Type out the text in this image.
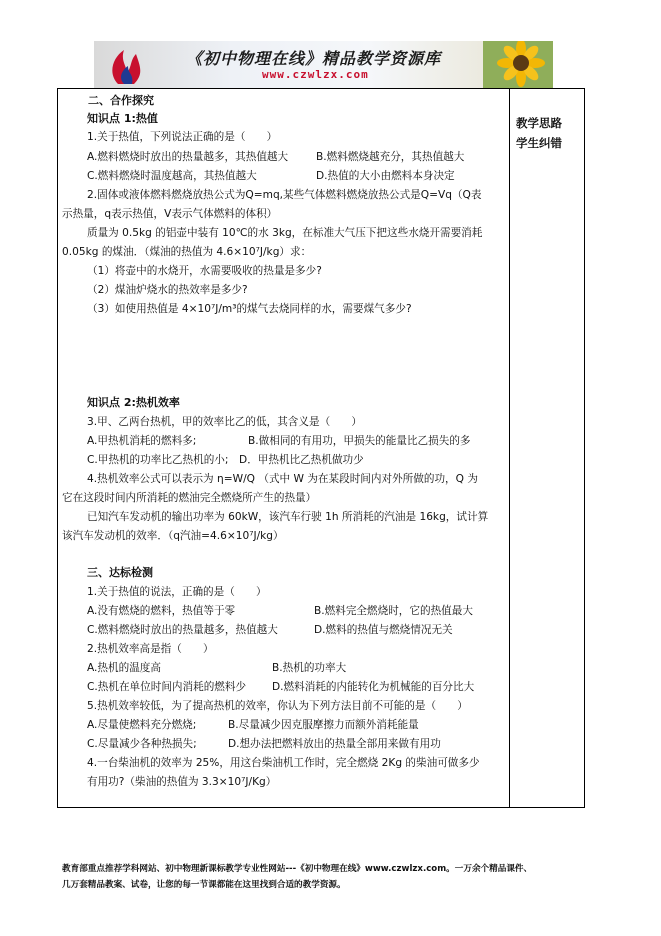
《初中物理在线》精品教学资源库
www.czwlzx.com
教学思路
学生纠错
二、合作探究
知识点 1:热值
1.关于热值，下列说法正确的是（　　）
A.燃料燃烧时放出的热量越多，其热值越大	B.燃料燃烧越充分，其热值越大
C.燃料燃烧时温度越高，其热值越大	D.热值的大小由燃料本身决定
2.固体或液体燃料燃烧放热公式为Q=mq,某些气体燃料燃烧放热公式是Q=Vq（Q表
示热量，q表示热值，V表示气体燃料的体积）
质量为 0.5kg 的铝壶中装有 10℃的水 3kg，在标准大气压下把这些水烧开需要消耗
0.05kg 的煤油．（煤油的热值为 4.6×10⁷J/kg）求：
（1）将壶中的水烧开，水需要吸收的热量是多少?
（2）煤油炉烧水的热效率是多少?
（3）如使用热值是 4×10⁷J/m³的煤气去烧同样的水，需要煤气多少?
知识点 2:热机效率
3.甲、乙两台热机，甲的效率比乙的低，其含义是（　　）
A.甲热机消耗的燃料多;	B.做相同的有用功，甲损失的能量比乙损失的多
C.甲热机的功率比乙热机的小;　D．甲热机比乙热机做功少
4.热机效率公式可以表示为 η=W/Q （式中 W 为在某段时间内对外所做的功，Q 为
它在这段时间内所消耗的燃油完全燃烧所产生的热量）
已知汽车发动机的输出功率为 60kW，该汽车行驶 1h 所消耗的汽油是 16kg，试计算
该汽车发动机的效率．（q汽油=4.6×10⁷J/kg）
三、达标检测
1.关于热值的说法，正确的是（　　）
A.没有燃烧的燃料，热值等于零	B.燃料完全燃烧时，它的热值最大
C.燃料燃烧时放出的热量越多，热值越大	D.燃料的热值与燃烧情况无关
2.热机效率高是指（　　）
A.热机的温度高	B.热机的功率大
C.热机在单位时间内消耗的燃料少 D.燃料消耗的内能转化为机械能的百分比大
5.热机效率较低，为了提高热机的效率，你认为下列方法目前不可能的是（　　）
A.尽量使燃料充分燃烧;	B.尽量减少因克服摩擦力而额外消耗能量
C.尽量减少各种热损失;	D.想办法把燃料放出的热量全部用来做有用功
4.一台柴油机的效率为 25%，用这台柴油机工作时，完全燃烧 2Kg 的柴油可做多少
有用功?（柴油的热值为 3.3×10⁷J/Kg）
教育部重点推荐学科网站、初中物理新课标教学专业性网站---《初中物理在线》www.czwlzx.com。一万余个精品课件、
几万套精品教案、试卷，让您的每一节课都能在这里找到合适的教学资源。
